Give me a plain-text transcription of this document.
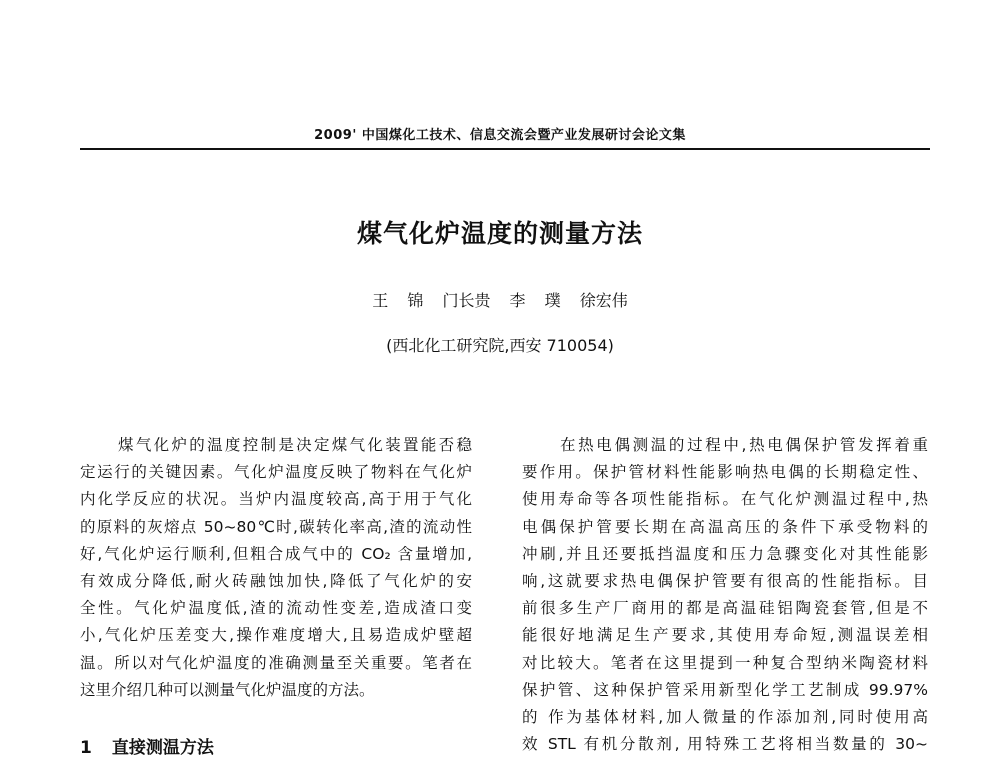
2009' 中国煤化工技术、信息交流会暨产业发展研讨会论文集
煤气化炉温度的测量方法
王 锦 门长贵 李 璞 徐宏伟
(西北化工研究院,西安 710054)
煤气化炉的温度控制是决定煤气化装置能否稳
定运行的关键因素。气化炉温度反映了物料在气化炉
内化学反应的状况。当炉内温度较高,高于用于气化
的原料的灰熔点 50~80℃时,碳转化率高,渣的流动性
好,气化炉运行顺利,但粗合成气中的 CO₂ 含量增加,
有效成分降低,耐火砖融蚀加快,降低了气化炉的安
全性。气化炉温度低,渣的流动性变差,造成渣口变
小,气化炉压差变大,操作难度增大,且易造成炉壁超
温。所以对气化炉温度的准确测量至关重要。笔者在
这里介绍几种可以测量气化炉温度的方法。
1 直接测温方法
在热电偶测温的过程中,热电偶保护管发挥着重
要作用。保护管材料性能影响热电偶的长期稳定性、
使用寿命等各项性能指标。在气化炉测温过程中,热
电偶保护管要长期在高温高压的条件下承受物料的
冲刷,并且还要抵挡温度和压力急骤变化对其性能影
响,这就要求热电偶保护管要有很高的性能指标。目
前很多生产厂商用的都是高温硅铝陶瓷套管,但是不
能很好地满足生产要求,其使用寿命短,测温误差相
对比较大。笔者在这里提到一种复合型纳米陶瓷材料
保护管、这种保护管采用新型化学工艺制成 99.97%
的 作为基体材料,加人微量的作添加剂,同时使用高
效 STL 有机分散剂, 用特殊工艺将相当数量的 30~
